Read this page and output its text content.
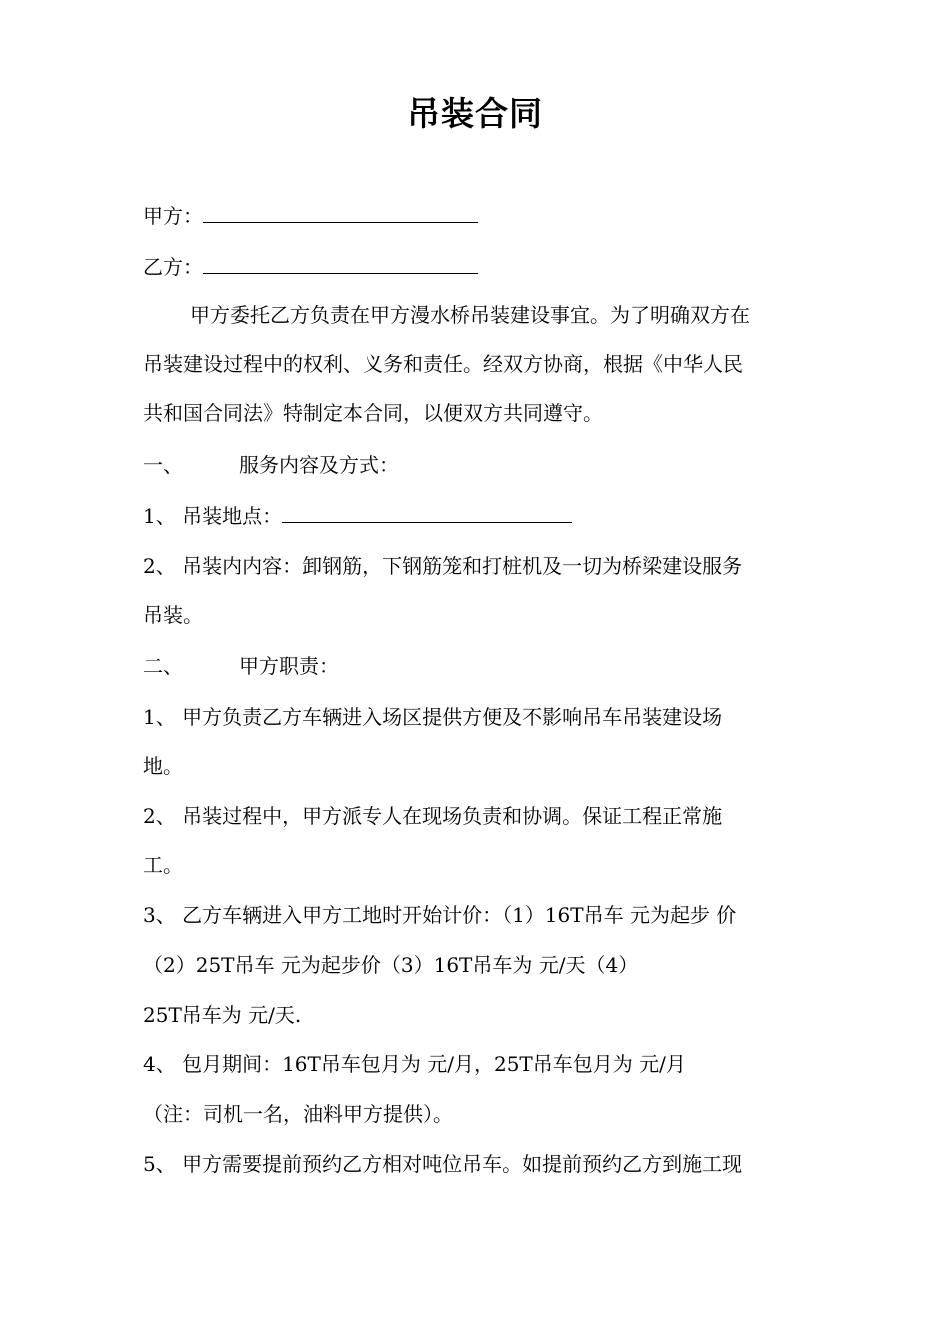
吊装合同
甲方：
乙方：
甲方委托乙方负责在甲方漫水桥吊装建设事宜。为了明确双方在
吊装建设过程中的权利、义务和责任。经双方协商，根据《中华人民
共和国合同法》特制定本合同，以便双方共同遵守。
一、	服务内容及方式：
1、 吊装地点：
2、 吊装内内容：卸钢筋，下钢筋笼和打桩机及一切为桥梁建设服务
吊装。
二、	甲方职责：
1、 甲方负责乙方车辆进入场区提供方便及不影响吊车吊装建设场
地。
2、 吊装过程中，甲方派专人在现场负责和协调。保证工程正常施
工。
3、 乙方车辆进入甲方工地时开始计价：（1）16T吊车 元为起步 价
（2）25T吊车 元为起步价（3）16T吊车为 元/天（4）
25T吊车为 元/天.
4、 包月期间：16T吊车包月为 元/月，25T吊车包月为 元/月
（注：司机一名，油料甲方提供）。
5、 甲方需要提前预约乙方相对吨位吊车。如提前预约乙方到施工现
